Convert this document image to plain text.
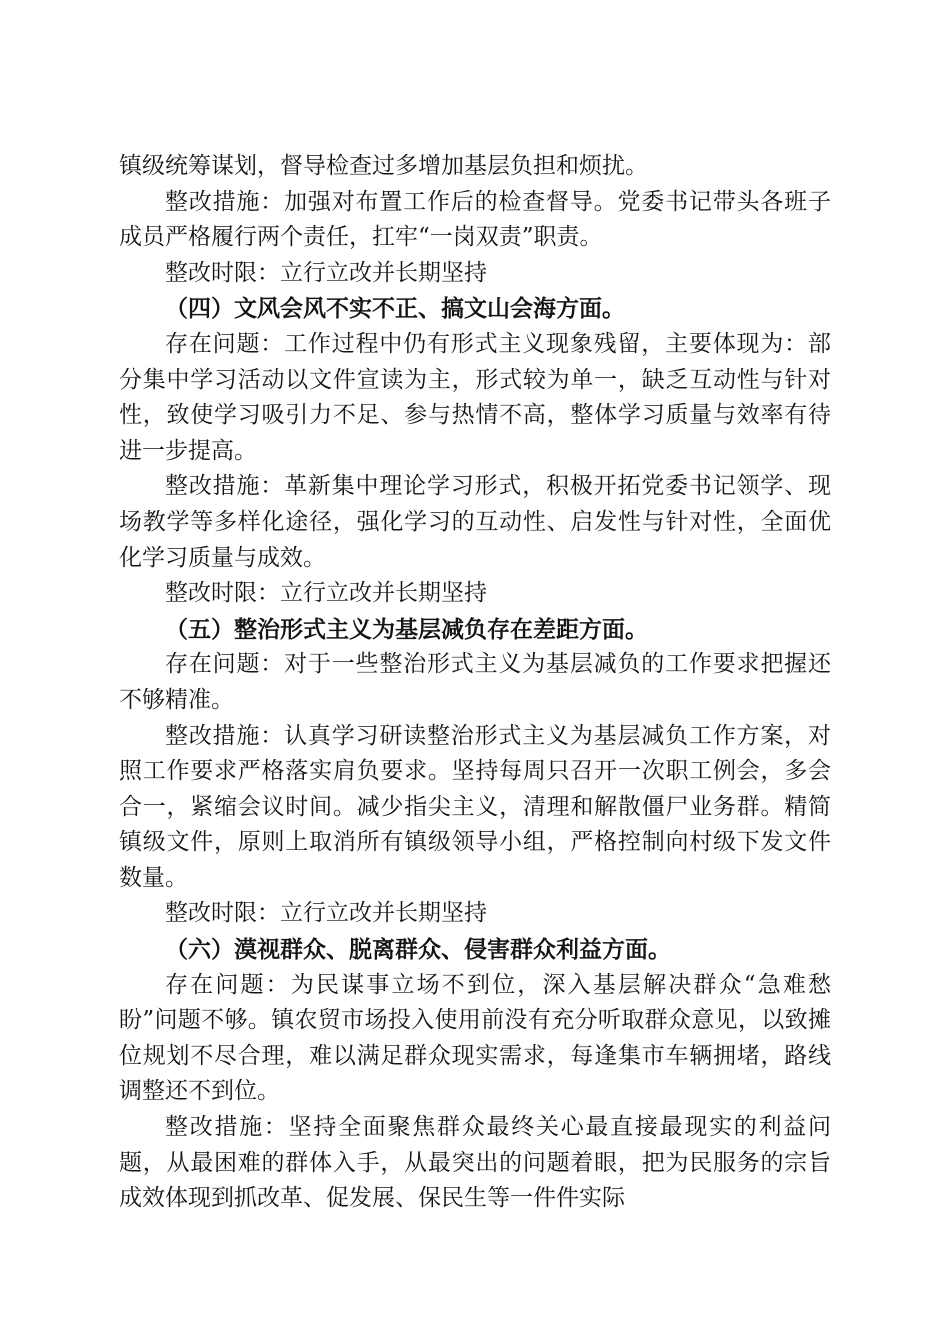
镇级统筹谋划，督导检查过多增加基层负担和烦扰。

整改措施：加强对布置工作后的检查督导。党委书记带头各班子成员严格履行两个责任，扛牢“一岗双责”职责。

整改时限：立行立改并长期坚持

（四）文风会风不实不正、搞文山会海方面。

存在问题：工作过程中仍有形式主义现象残留，主要体现为：部分集中学习活动以文件宣读为主，形式较为单一，缺乏互动性与针对性，致使学习吸引力不足、参与热情不高，整体学习质量与效率有待进一步提高。

整改措施：革新集中理论学习形式，积极开拓党委书记领学、现场教学等多样化途径，强化学习的互动性、启发性与针对性，全面优化学习质量与成效。

整改时限：立行立改并长期坚持

（五）整治形式主义为基层减负存在差距方面。

存在问题：对于一些整治形式主义为基层减负的工作要求把握还不够精准。

整改措施：认真学习研读整治形式主义为基层减负工作方案，对照工作要求严格落实肩负要求。坚持每周只召开一次职工例会，多会合一，紧缩会议时间。减少指尖主义，清理和解散僵尸业务群。精简镇级文件，原则上取消所有镇级领导小组，严格控制向村级下发文件数量。

整改时限：立行立改并长期坚持

（六）漠视群众、脱离群众、侵害群众利益方面。

存在问题：为民谋事立场不到位，深入基层解决群众“急难愁盼”问题不够。镇农贸市场投入使用前没有充分听取群众意见，以致摊位规划不尽合理，难以满足群众现实需求，每逢集市车辆拥堵，路线调整还不到位。

整改措施：坚持全面聚焦群众最终关心最直接最现实的利益问题，从最困难的群体入手，从最突出的问题着眼，把为民服务的宗旨成效体现到抓改革、促发展、保民生等一件件实际
